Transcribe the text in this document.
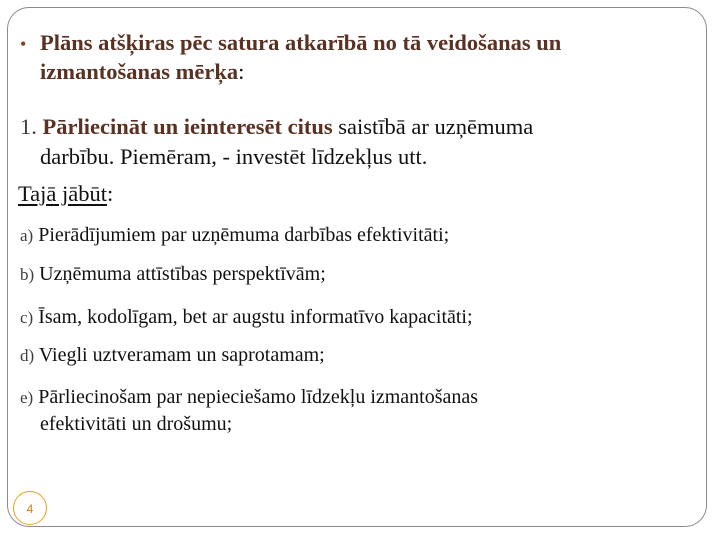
• Plāns atšķiras pēc satura atkarībā no tā veidošanas un
izmantošanas mērķa:
1. Pārliecināt un ieinteresēt citus saistībā ar uzņēmuma
darbību. Piemēram, - investēt līdzekļus utt.
Tajā jābūt:
a) Pierādījumiem par uzņēmuma darbības efektivitāti;
b) Uzņēmuma attīstības perspektīvām;
c) Īsam, kodolīgam, bet ar augstu informatīvo kapacitāti;
d) Viegli uztveramam un saprotamam;
e) Pārliecinošam par nepieciešamo līdzekļu izmantošanas
efektivitāti un drošumu;
4
